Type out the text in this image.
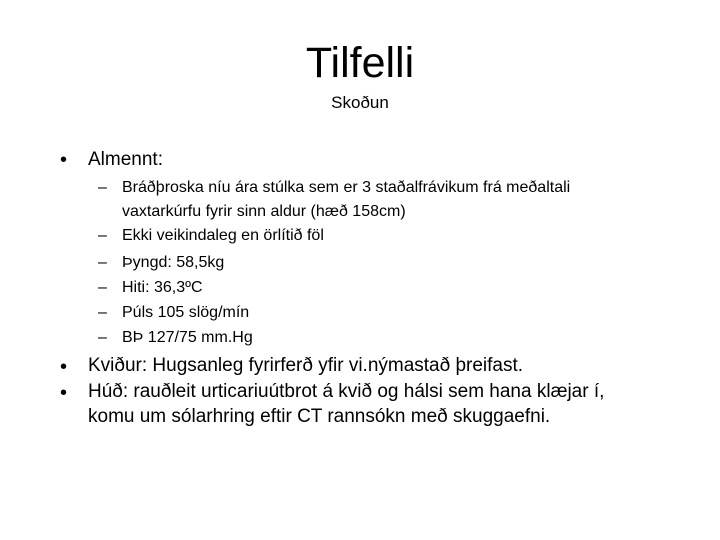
Tilfelli
Skoðun
• Almennt:
– Bráðþroska níu ára stúlka sem er 3 staðalfrávikum frá meðaltali
vaxtarkúrfu fyrir sinn aldur (hæð 158cm)
– Ekki veikindaleg en örlítið föl
– Þyngd: 58,5kg
– Hiti: 36,3ºC
– Púls 105 slög/mín
– BÞ 127/75 mm.Hg
• Kviður: Hugsanleg fyrirferð yfir vi.nýmastað þreifast.
• Húð: rauðleit urticariuútbrot á kvið og hálsi sem hana klæjar í,
komu um sólarhring eftir CT rannsókn með skuggaefni.
